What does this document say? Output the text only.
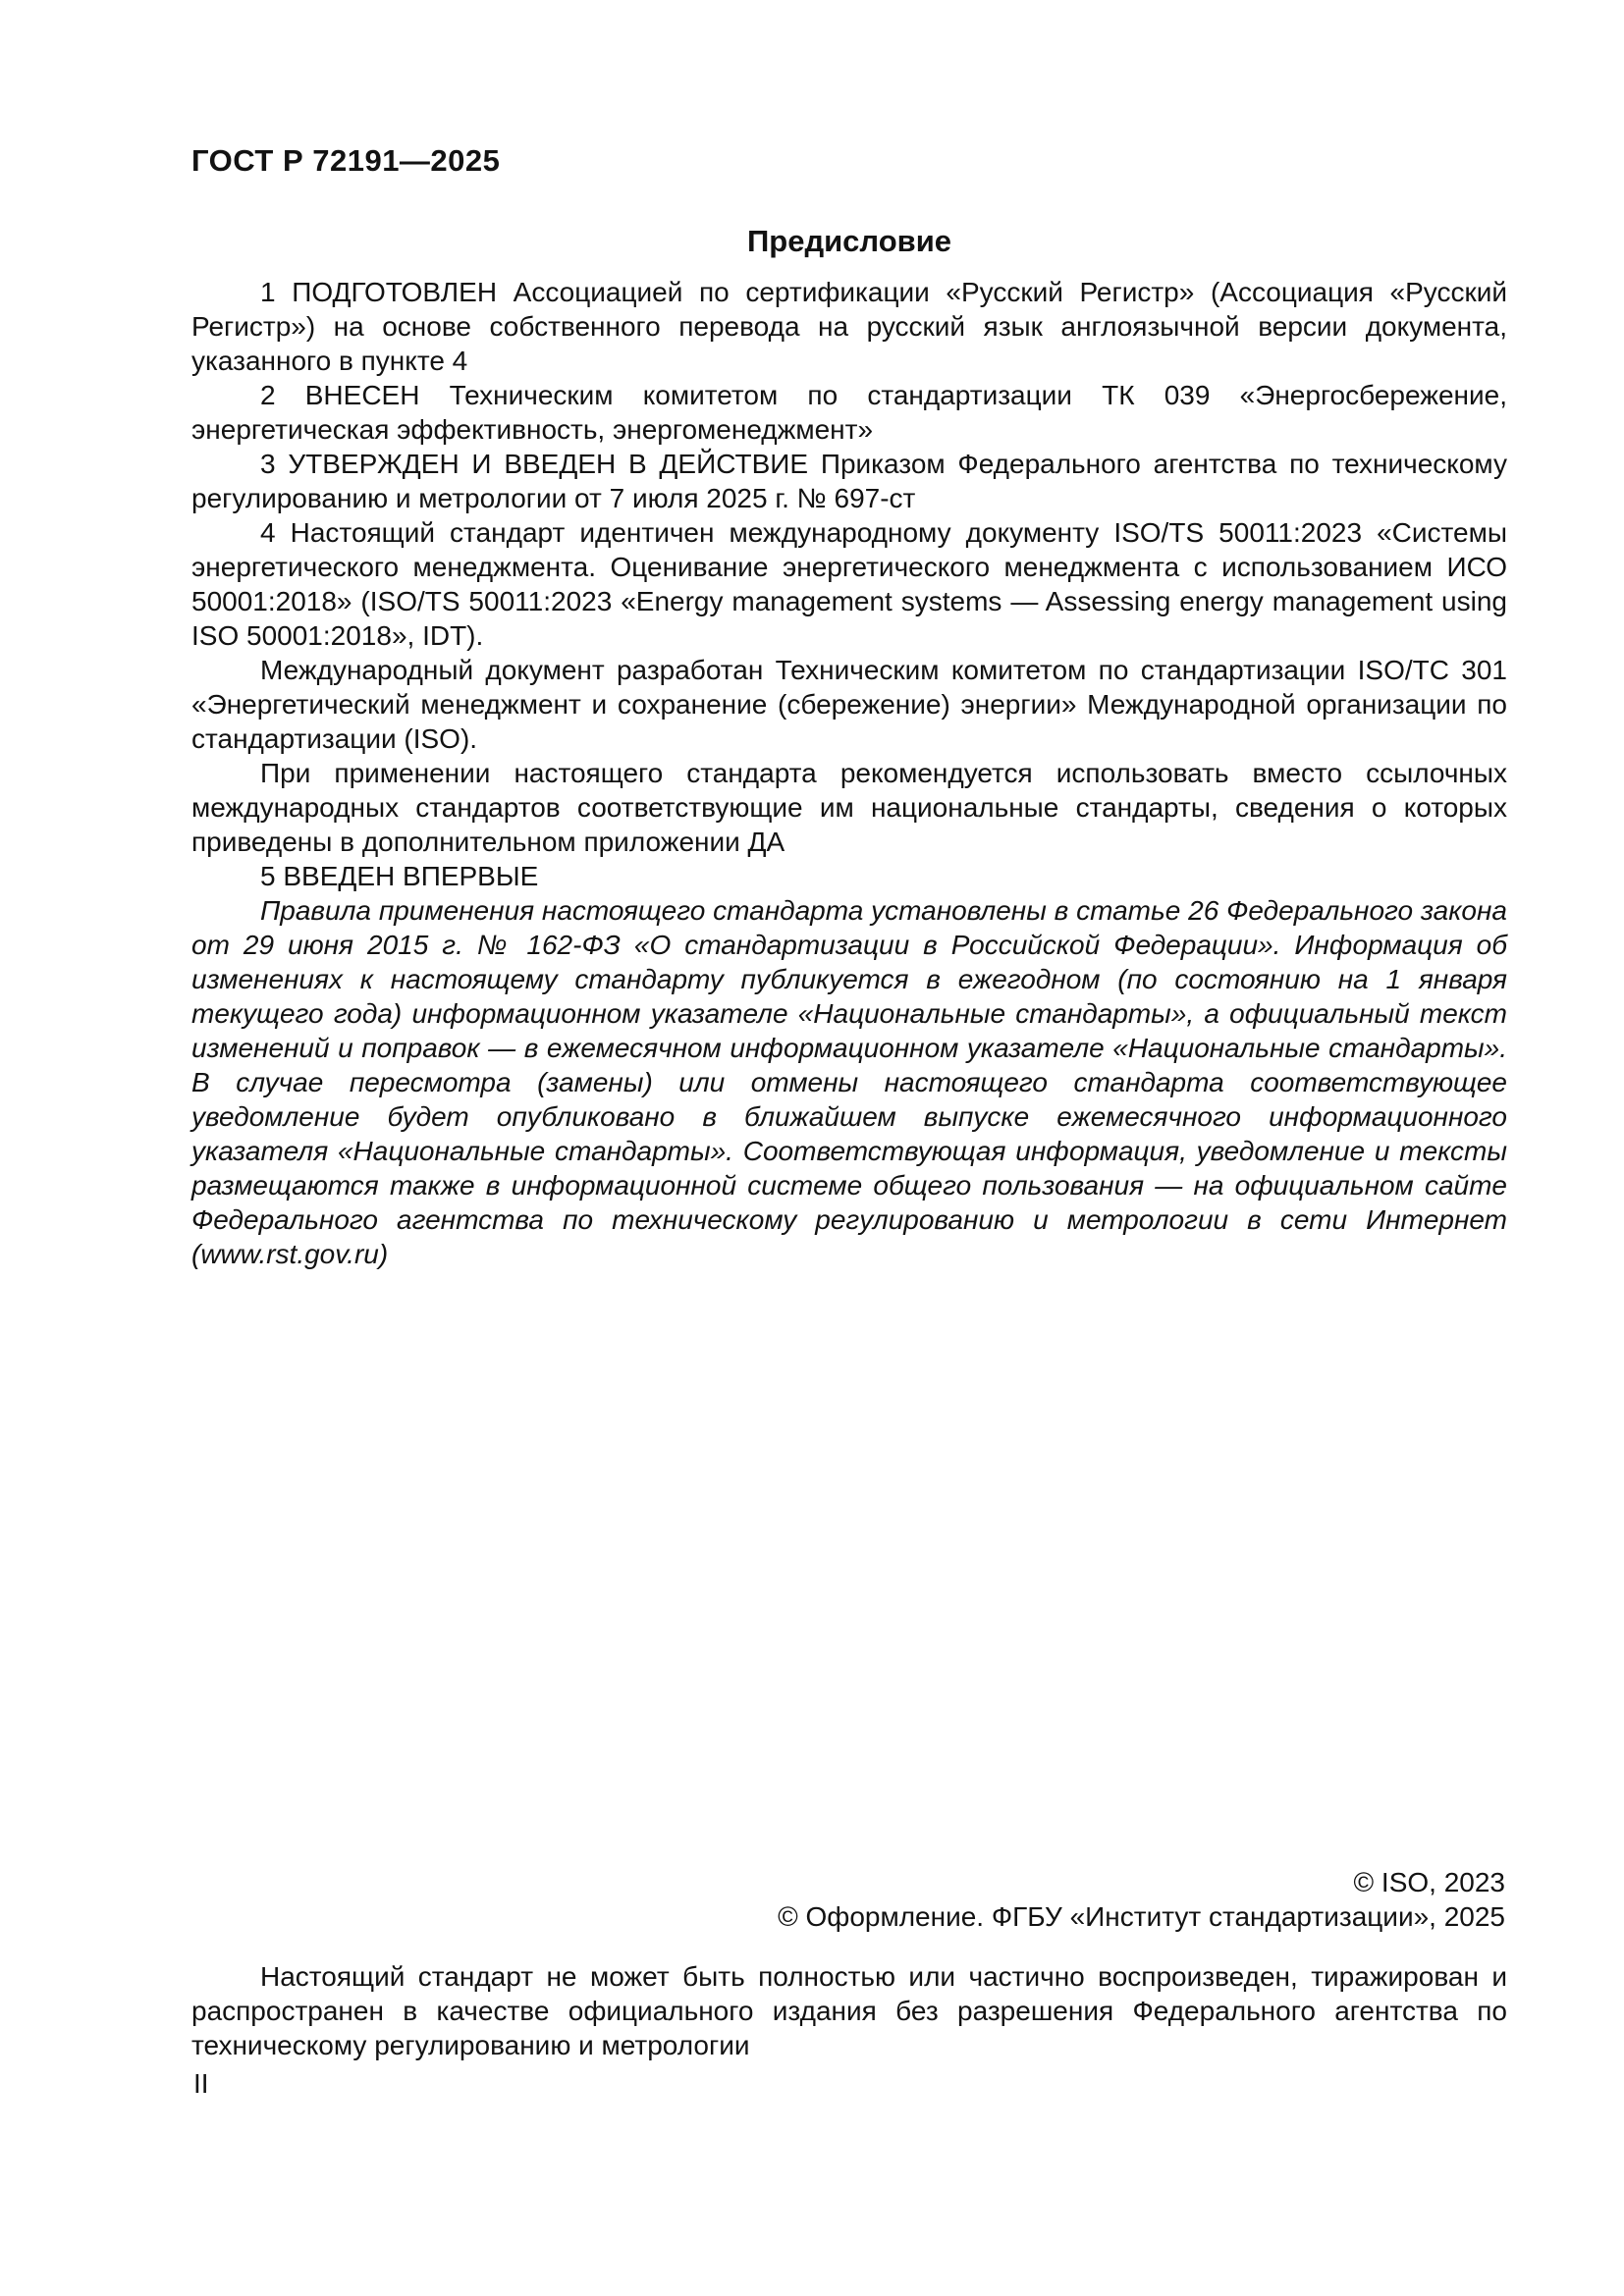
ГОСТ Р 72191—2025
Предисловие

1 ПОДГОТОВЛЕН Ассоциацией по сертификации «Русский Регистр» (Ассоциация «Русский Регистр») на основе собственного перевода на русский язык англоязычной версии документа, указанного в пункте 4

2 ВНЕСЕН Техническим комитетом по стандартизации ТК 039 «Энергосбережение, энергетическая эффективность, энергоменеджмент»

3 УТВЕРЖДЕН И ВВЕДЕН В ДЕЙСТВИЕ Приказом Федерального агентства по техническому регулированию и метрологии от 7 июля 2025 г. № 697-ст

4 Настоящий стандарт идентичен международному документу ISO/TS 50011:2023 «Системы энергетического менеджмента. Оценивание энергетического менеджмента с использованием ИСО 50001:2018» (ISO/TS 50011:2023 «Energy management systems — Assessing energy management using ISO 50001:2018», IDT).

Международный документ разработан Техническим комитетом по стандартизации ISO/ТС 301 «Энергетический менеджмент и сохранение (сбережение) энергии» Международной организации по стандартизации (ISO).

При применении настоящего стандарта рекомендуется использовать вместо ссылочных международных стандартов соответствующие им национальные стандарты, сведения о которых приведены в дополнительном приложении ДА

5 ВВЕДЕН ВПЕРВЫЕ

Правила применения настоящего стандарта установлены в статье 26 Федерального закона от 29 июня 2015 г. № 162-ФЗ «О стандартизации в Российской Федерации». Информация об изменениях к настоящему стандарту публикуется в ежегодном (по состоянию на 1 января текущего года) информационном указателе «Национальные стандарты», а официальный текст изменений и поправок — в ежемесячном информационном указателе «Национальные стандарты». В случае пересмотра (замены) или отмены настоящего стандарта соответствующее уведомление будет опубликовано в ближайшем выпуске ежемесячного информационного указателя «Национальные стандарты». Соответствующая информация, уведомление и тексты размещаются также в информационной системе общего пользования — на официальном сайте Федерального агентства по техническому регулированию и метрологии в сети Интернет (www.rst.gov.ru)

© ISO, 2023
© Оформление. ФГБУ «Институт стандартизации», 2025

Настоящий стандарт не может быть полностью или частично воспроизведен, тиражирован и распространен в качестве официального издания без разрешения Федерального агентства по техническому регулированию и метрологии

II
